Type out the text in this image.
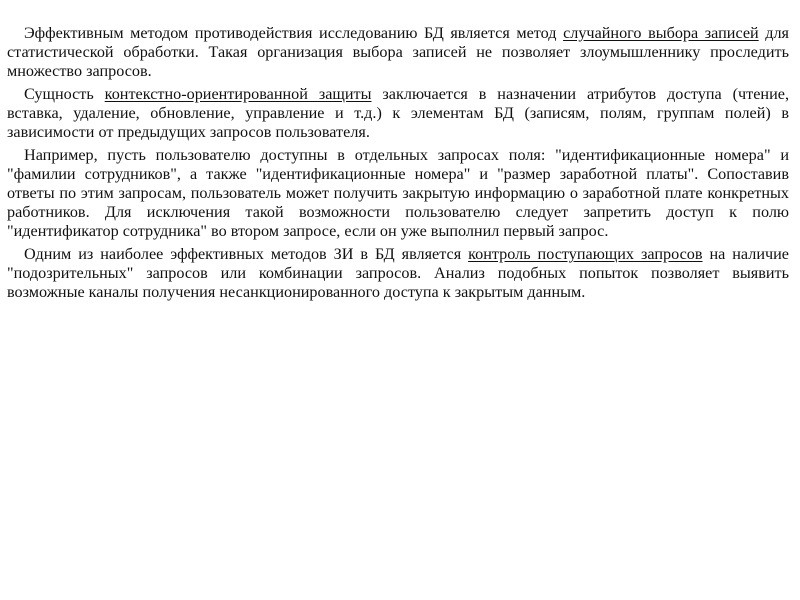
Эффективным методом противодействия исследованию БД является метод случайного выбора записей для статистической обработки. Такая организация выбора записей не позволяет злоумышленнику проследить множество запросов.

Сущность контекстно-ориентированной защиты заключается в назначении атрибутов доступа (чтение, вставка, удаление, обновление, управление и т.д.) к элементам БД (записям, полям, группам полей) в зависимости от предыдущих запросов пользователя.

Например, пусть пользователю доступны в отдельных запросах поля: "идентификационные номера" и "фамилии сотрудников", а также "идентификационные номера" и "размер заработной платы". Сопоставив ответы по этим запросам, пользователь может получить закрытую информацию о заработной плате конкретных работников. Для исключения такой возможности пользователю следует запретить доступ к полю "идентификатор сотрудника" во втором запросе, если он уже выполнил первый запрос.

Одним из наиболее эффективных методов ЗИ в БД является контроль поступающих запросов на наличие "подозрительных" запросов или комбинации запросов. Анализ подобных попыток позволяет выявить возможные каналы получения несанкционированного доступа к закрытым данным.
